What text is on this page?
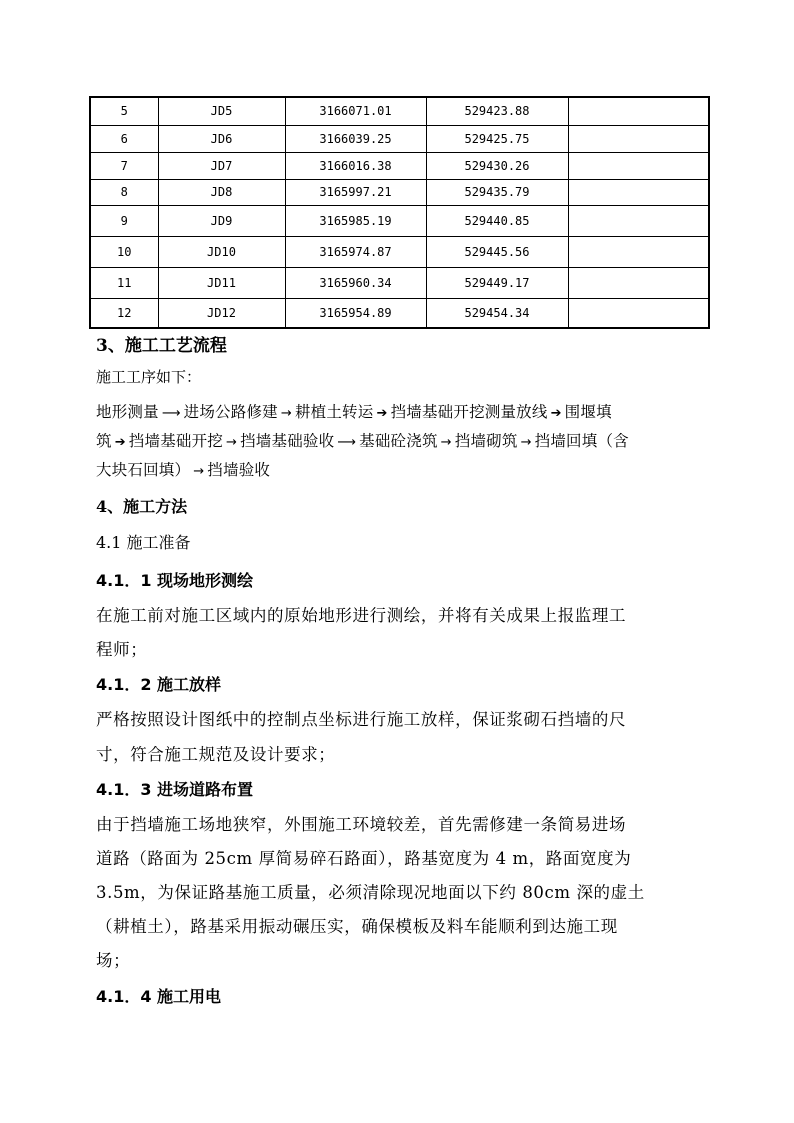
5	JD5	3166071.01	529423.88	
6	JD6	3166039.25	529425.75	
7	JD7	3166016.38	529430.26	
8	JD8	3165997.21	529435.79	
9	JD9	3165985.19	529440.85	
10	JD10	3165974.87	529445.56	
11	JD11	3165960.34	529449.17	
12	JD12	3165954.89	529454.34	
3、施工工艺流程
施工工序如下：
地形测量 ⟶ 进场公路修建 → 耕植土转运 ➔ 挡墙基础开挖测量放线 ➔ 围堰填
筑 ➔ 挡墙基础开挖 → 挡墙基础验收 ⟶ 基础砼浇筑 → 挡墙砌筑 → 挡墙回填（含
大块石回填） → 挡墙验收
4、施工方法
4.1 施工准备
4.1．1 现场地形测绘
在施工前对施工区域内的原始地形进行测绘，并将有关成果上报监理工
程师；
4.1．2 施工放样
严格按照设计图纸中的控制点坐标进行施工放样，保证浆砌石挡墙的尺
寸，符合施工规范及设计要求；
4.1．3 进场道路布置
由于挡墙施工场地狭窄，外围施工环境较差，首先需修建一条简易进场
道路（路面为 25cm 厚简易碎石路面），路基宽度为 4 m，路面宽度为
3.5m，为保证路基施工质量，必须清除现况地面以下约 80cm 深的虚土
（耕植土），路基采用振动碾压实，确保模板及料车能顺利到达施工现
场；
4.1．4 施工用电
